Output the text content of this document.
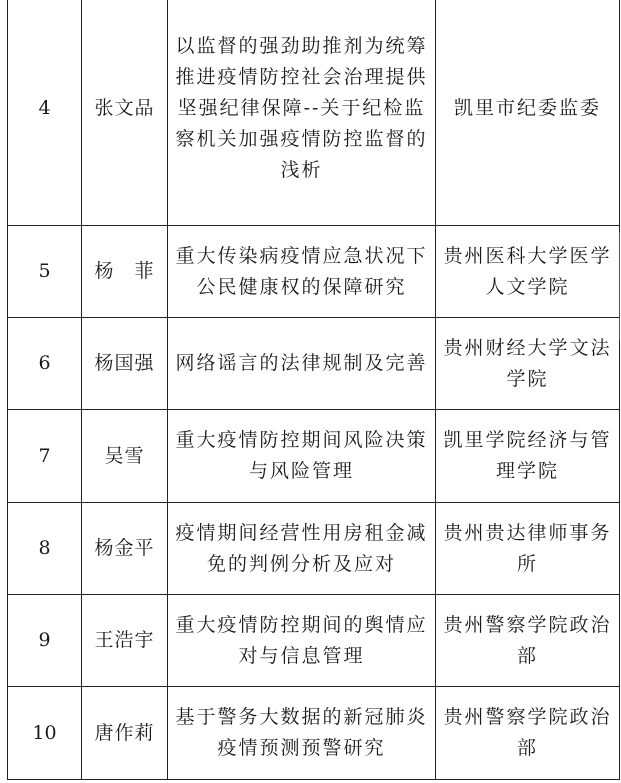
4	张文品	以监督的强劲助推剂为统筹推进疫情防控社会治理提供坚强纪律保障--关于纪检监察机关加强疫情防控监督的浅析	凯里市纪委监委
5	杨　菲	重大传染病疫情应急状况下公民健康权的保障研究	贵州医科大学医学人文学院
6	杨国强	网络谣言的法律规制及完善	贵州财经大学文法学院
7	吴雪	重大疫情防控期间风险决策与风险管理	凯里学院经济与管理学院
8	杨金平	疫情期间经营性用房租金减免的判例分析及应对	贵州贵达律师事务所
9	王浩宇	重大疫情防控期间的舆情应对与信息管理	贵州警察学院政治部
10	唐作莉	基于警务大数据的新冠肺炎疫情预测预警研究	贵州警察学院政治部
